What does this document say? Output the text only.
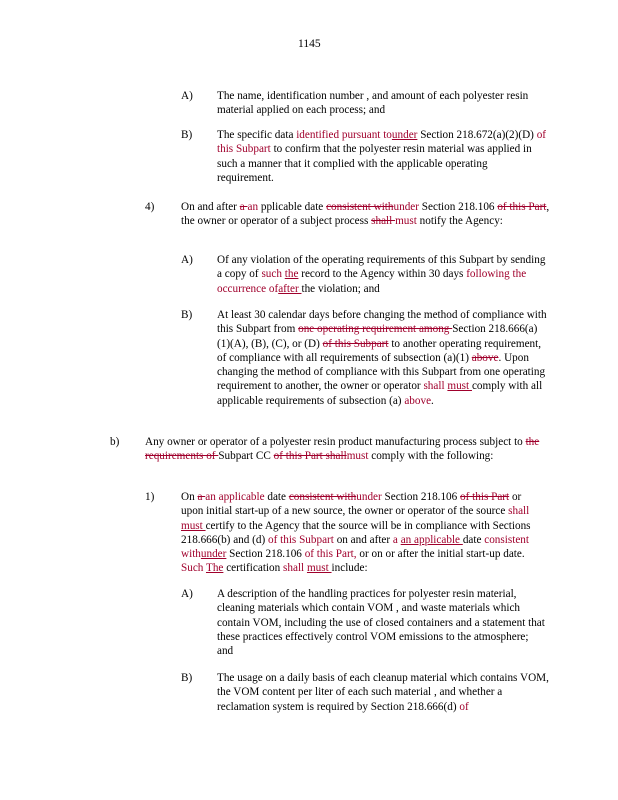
1145
A) The name, identification number , and amount of each polyester resin material applied on each process; and
B) The specific data identified pursuant tounder Section 218.672(a)(2)(D) of this Subpart to confirm that the polyester resin material was applied in such a manner that it complied with the applicable operating requirement.
4) On and after a an pplicable date consistent withunder Section 218.106 of this Part, the owner or operator of a subject process shall must notify the Agency:
A) Of any violation of the operating requirements of this Subpart by sending a copy of such the record to the Agency within 30 days following the occurrence ofafter the violation; and
B) At least 30 calendar days before changing the method of compliance with this Subpart from one operating requirement among Section 218.666(a)(1)(A), (B), (C), or (D) of this Subpart to another operating requirement, of compliance with all requirements of subsection (a)(1) above. Upon changing the method of compliance with this Subpart from one operating requirement to another, the owner or operator shall must comply with all applicable requirements of subsection (a) above.
b) Any owner or operator of a polyester resin product manufacturing process subject to the requirements of Subpart CC of this Part shallmust comply with the following:
1) On a an applicable date consistent withunder Section 218.106 of this Part or upon initial start-up of a new source, the owner or operator of the source shall must certify to the Agency that the source will be in compliance with Sections 218.666(b) and (d) of this Subpart on and after a an applicable date consistent withunder Section 218.106 of this Part, or on or after the initial start-up date. Such The certification shall must include:
A) A description of the handling practices for polyester resin material, cleaning materials which contain VOM , and waste materials which contain VOM, including the use of closed containers and a statement that these practices effectively control VOM emissions to the atmosphere; and
B) The usage on a daily basis of each cleanup material which contains VOM, the VOM content per liter of each such material , and whether a reclamation system is required by Section 218.666(d) of
